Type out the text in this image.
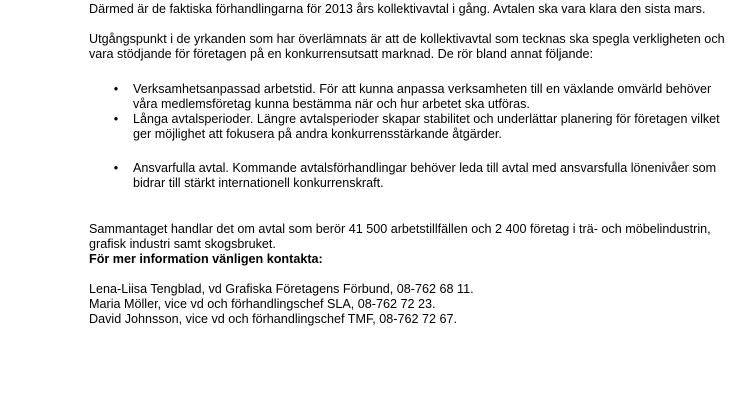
Därmed är de faktiska förhandlingarna för 2013 års kollektivavtal i gång. Avtalen ska vara klara den sista mars.

Utgångspunkt i de yrkanden som har överlämnats är att de kollektivavtal som tecknas ska spegla verkligheten och vara stödjande för företagen på en konkurrensutsatt marknad. De rör bland annat följande:

• Verksamhetsanpassad arbetstid. För att kunna anpassa verksamheten till en växlande omvärld behöver våra medlemsföretag kunna bestämma när och hur arbetet ska utföras.
• Långa avtalsperioder. Längre avtalsperioder skapar stabilitet och underlättar planering för företagen vilket ger möjlighet att fokusera på andra konkurrensstärkande åtgärder.
• Ansvarfulla avtal. Kommande avtalsförhandlingar behöver leda till avtal med ansvarsfulla lönenivåer som bidrar till stärkt internationell konkurrenskraft.

Sammantaget handlar det om avtal som berör 41 500 arbetstillfällen och 2 400 företag i trä- och möbelindustrin, grafisk industri samt skogsbruket.

För mer information vänligen kontakta:

Lena-Liisa Tengblad, vd Grafiska Företagens Förbund, 08-762 68 11.
Maria Möller, vice vd och förhandlingschef SLA, 08-762 72 23.
David Johnsson, vice vd och förhandlingschef TMF, 08-762 72 67.
